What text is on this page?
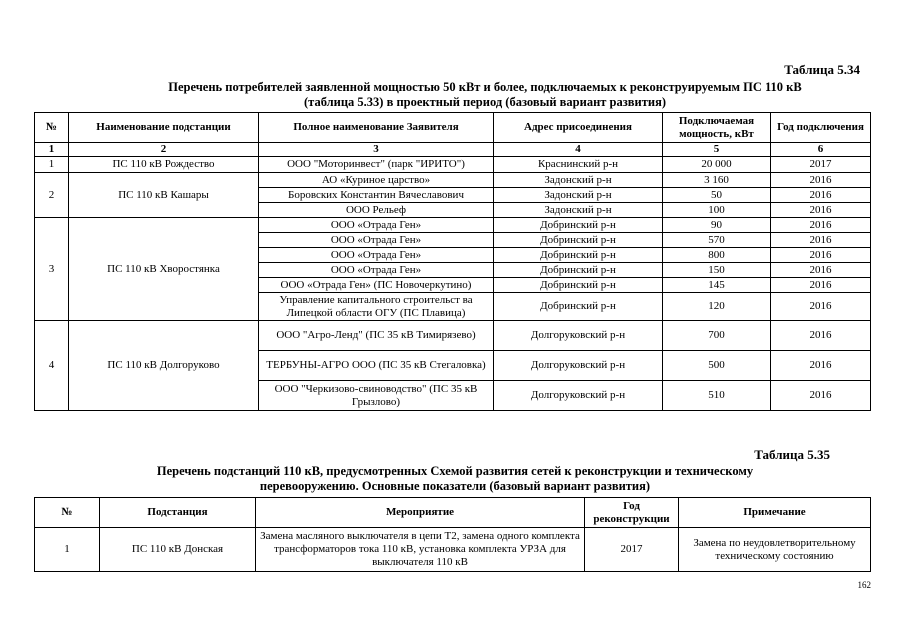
Таблица 5.34
Перечень потребителей заявленной мощностью 50 кВт и более, подключаемых к реконструируемым ПС 110 кВ
(таблица 5.33) в проектный период (базовый вариант развития)
№	Наименование подстанции	Полное наименование Заявителя	Адрес присоединения	Подключаемая мощность, кВт	Год подключения
1	2	3	4	5	6
1	ПС 110 кВ Рождество	ООО "Моторинвест" (парк "ИРИТО")	Краснинский р-н	20 000	2017
2	ПС 110 кВ Кашары	АО «Куриное царство»	Задонский р-н	3 160	2016
		Боровских Константин Вячеславович	Задонский р-н	50	2016
		ООО Рельеф	Задонский р-н	100	2016
3	ПС 110 кВ Хворостянка	ООО «Отрада Ген»	Добринский р-н	90	2016
		ООО «Отрада Ген»	Добринский р-н	570	2016
		ООО «Отрада Ген»	Добринский р-н	800	2016
		ООО «Отрада Ген»	Добринский р-н	150	2016
		ООО «Отрада Ген» (ПС Новочеркутино)	Добринский р-н	145	2016
		Управление капитального строительст ва Липецкой области ОГУ (ПС Плавица)	Добринский р-н	120	2016
4	ПС 110 кВ Долгоруково	ООО "Агро-Ленд" (ПС 35 кВ Тимирязево)	Долгоруковский р-н	700	2016
		ТЕРБУНЫ-АГРО ООО (ПС 35 кВ Стегаловка)	Долгоруковский р-н	500	2016
		ООО "Черкизово-свиноводство" (ПС 35 кВ Грызлово)	Долгоруковский р-н	510	2016
Таблица 5.35
Перечень подстанций 110 кВ, предусмотренных Схемой развития сетей к реконструкции и техническому
перевооружению. Основные показатели (базовый вариант развития)
№	Подстанция	Мероприятие	Год реконструкции	Примечание
1	ПС 110 кВ Донская	Замена масляного выключателя в цепи Т2, замена одного комплекта трансформаторов тока 110 кВ, установка комплекта УРЗА для выключателя 110 кВ	2017	Замена по неудовлетворительному техническому состоянию
162
